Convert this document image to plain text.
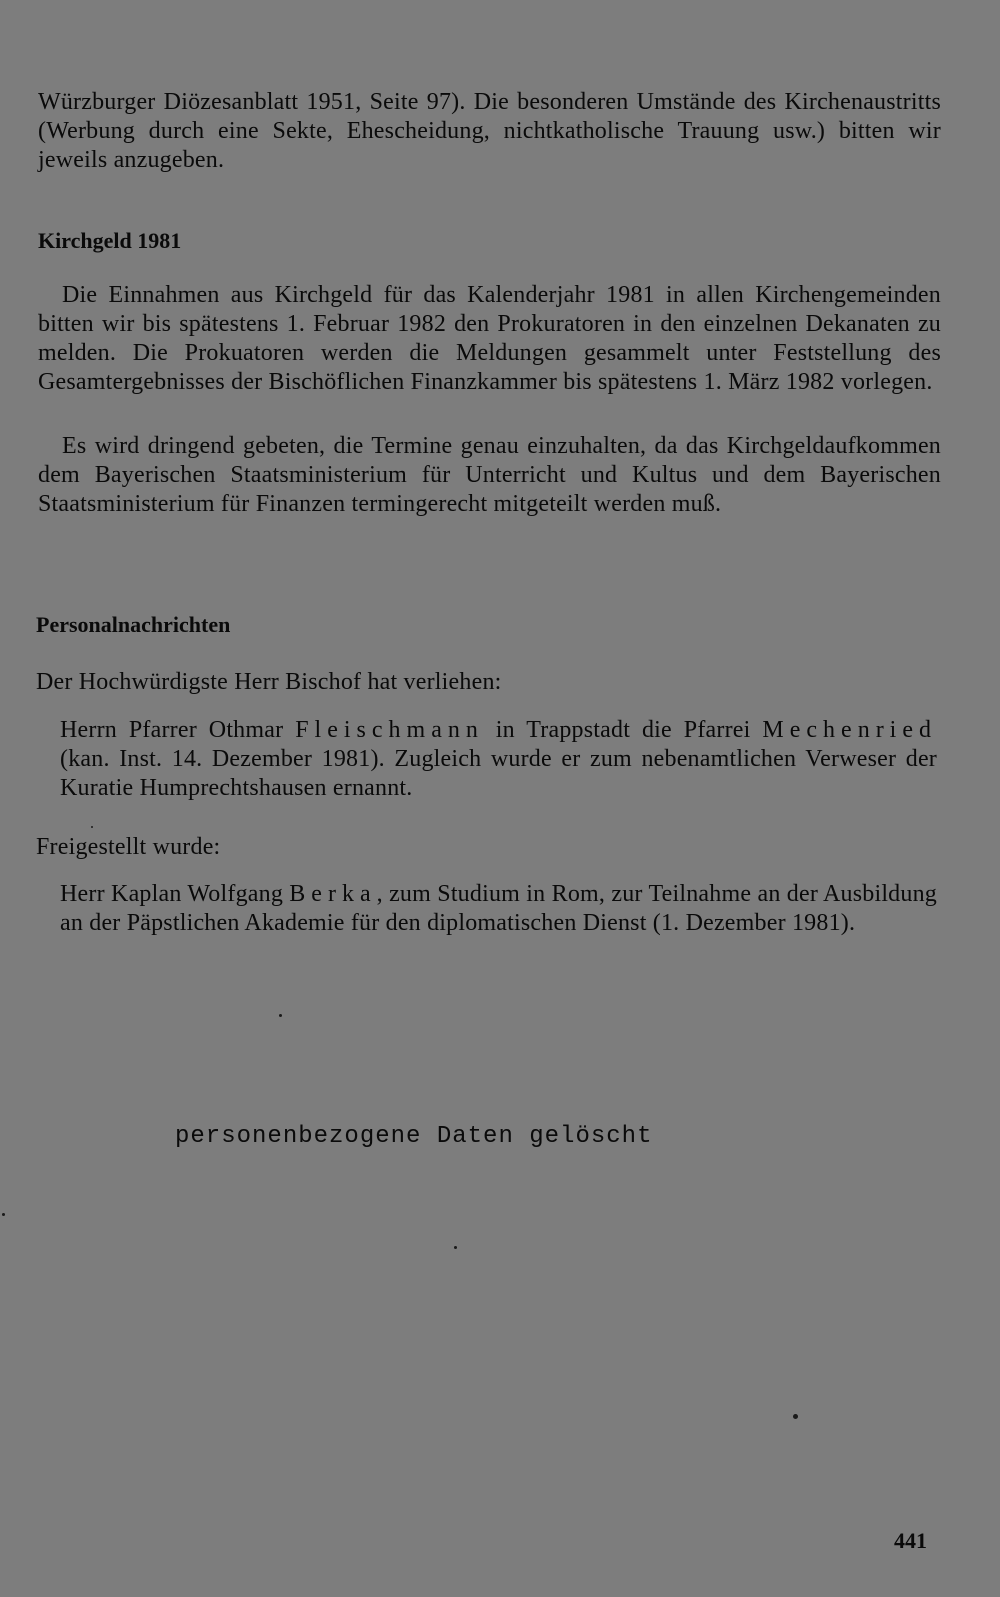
Würzburger Diözesanblatt 1951, Seite 97). Die besonderen Umstände des Kirchenaustritts (Werbung durch eine Sekte, Ehescheidung, nichtkatholische Trauung usw.) bitten wir jeweils anzugeben.

Kirchgeld 1981

Die Einnahmen aus Kirchgeld für das Kalenderjahr 1981 in allen Kirchengemeinden bitten wir bis spätestens 1. Februar 1982 den Prokuratoren in den einzelnen Dekanaten zu melden. Die Prokuatoren werden die Meldungen gesammelt unter Feststellung des Gesamtergebnisses der Bischöflichen Finanzkammer bis spätestens 1. März 1982 vorlegen.

Es wird dringend gebeten, die Termine genau einzuhalten, da das Kirchgeldaufkommen dem Bayerischen Staatsministerium für Unterricht und Kultus und dem Bayerischen Staatsministerium für Finanzen termingerecht mitgeteilt werden muß.

Personalnachrichten

Der Hochwürdigste Herr Bischof hat verliehen:

Herrn Pfarrer Othmar Fleischmann in Trappstadt die Pfarrei Mechenried (kan. Inst. 14. Dezember 1981). Zugleich wurde er zum nebenamtlichen Verweser der Kuratie Humprechtshausen ernannt.

Freigestellt wurde:

Herr Kaplan Wolfgang Berka, zum Studium in Rom, zur Teilnahme an der Ausbildung an der Päpstlichen Akademie für den diplomatischen Dienst (1. Dezember 1981).

personenbezogene Daten gelöscht
441
